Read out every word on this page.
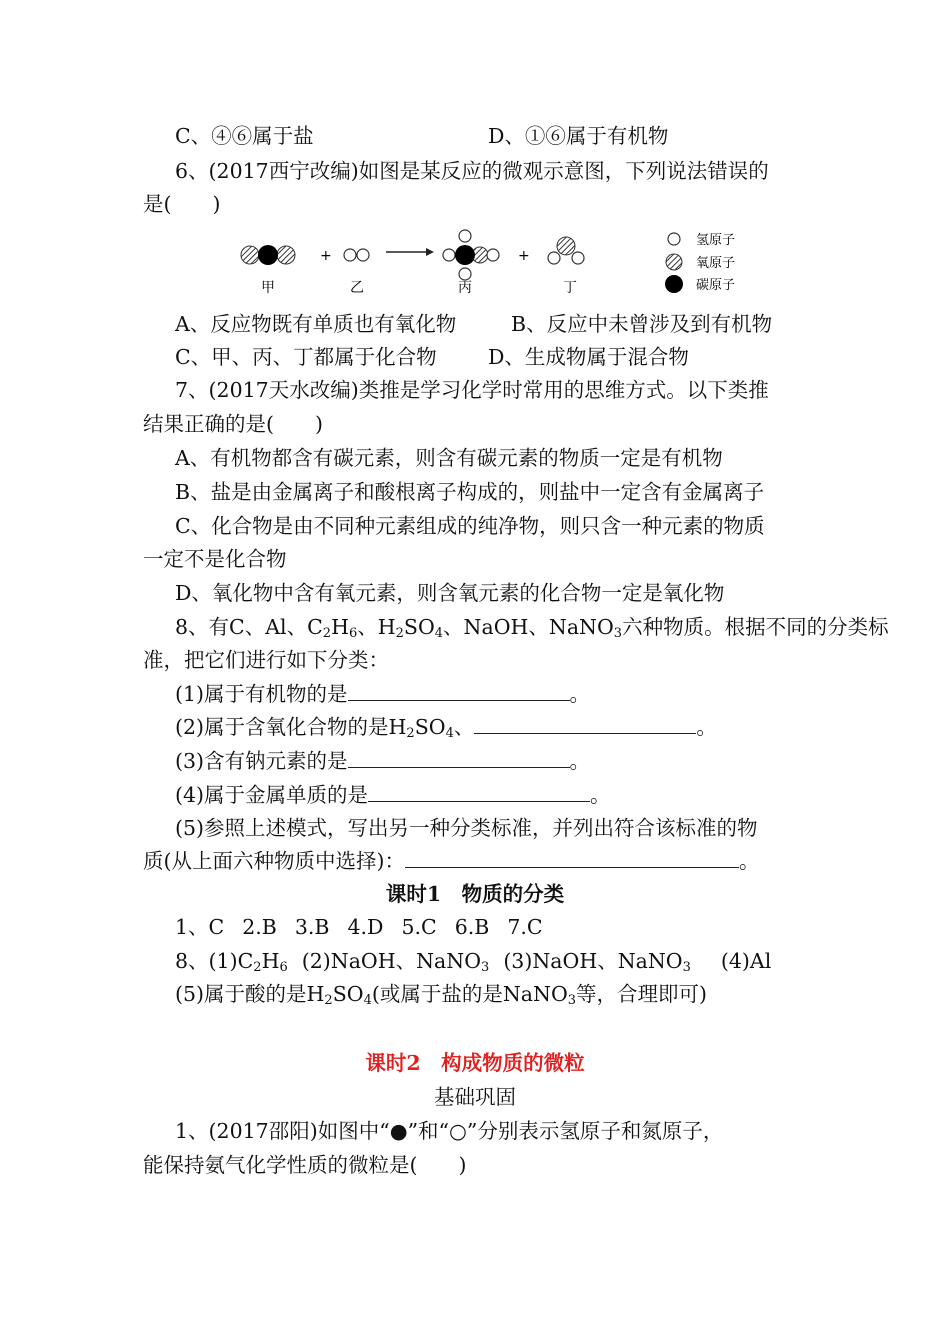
C、④⑥属于盐	D、①⑥属于有机物
6、(2017西宁改编)如图是某反应的微观示意图，下列说法错误的
是(　　)
+	+
甲	乙	丙	丁
氢原子
氧原子
碳原子
A、反应物既有单质也有氧化物	B、反应中未曾涉及到有机物
C、甲、丙、丁都属于化合物	D、生成物属于混合物
7、(2017天水改编)类推是学习化学时常用的思维方式。以下类推
结果正确的是(　　)
A、有机物都含有碳元素，则含有碳元素的物质一定是有机物
B、盐是由金属离子和酸根离子构成的，则盐中一定含有金属离子
C、化合物是由不同种元素组成的纯净物，则只含一种元素的物质
一定不是化合物
D、氧化物中含有氧元素，则含氧元素的化合物一定是氧化物
8、有C、Al、$C_2H_6$、$H_2SO_4$、NaOH、NaNO$_3$六种物质。根据不同的分类标
准，把它们进行如下分类：
(1)属于有机物的是	。
(2)属于含氧化合物的是$H_2SO_4$、	。
(3)含有钠元素的是	。
(4)属于金属单质的是	。
(5)参照上述模式，写出另一种分类标准，并列出符合该标准的物
质(从上面六种物质中选择)：	。
课时1　物质的分类
1、C 2.B 3.B 4.D 5.C 6.B 7.C
8、$(1)C_2H_6$ (2)NaOH、NaNO$_3$ (3)NaOH、NaNO$_3$ (4)Al
(5)属于酸的是$H_2SO_4$(或属于盐的是NaNO$_3$等，合理即可)
课时2　构成物质的微粒
基础巩固
1、(2017邵阳)如图中“●”和“○”分别表示氢原子和氮原子，
能保持氨气化学性质的微粒是(　　)
